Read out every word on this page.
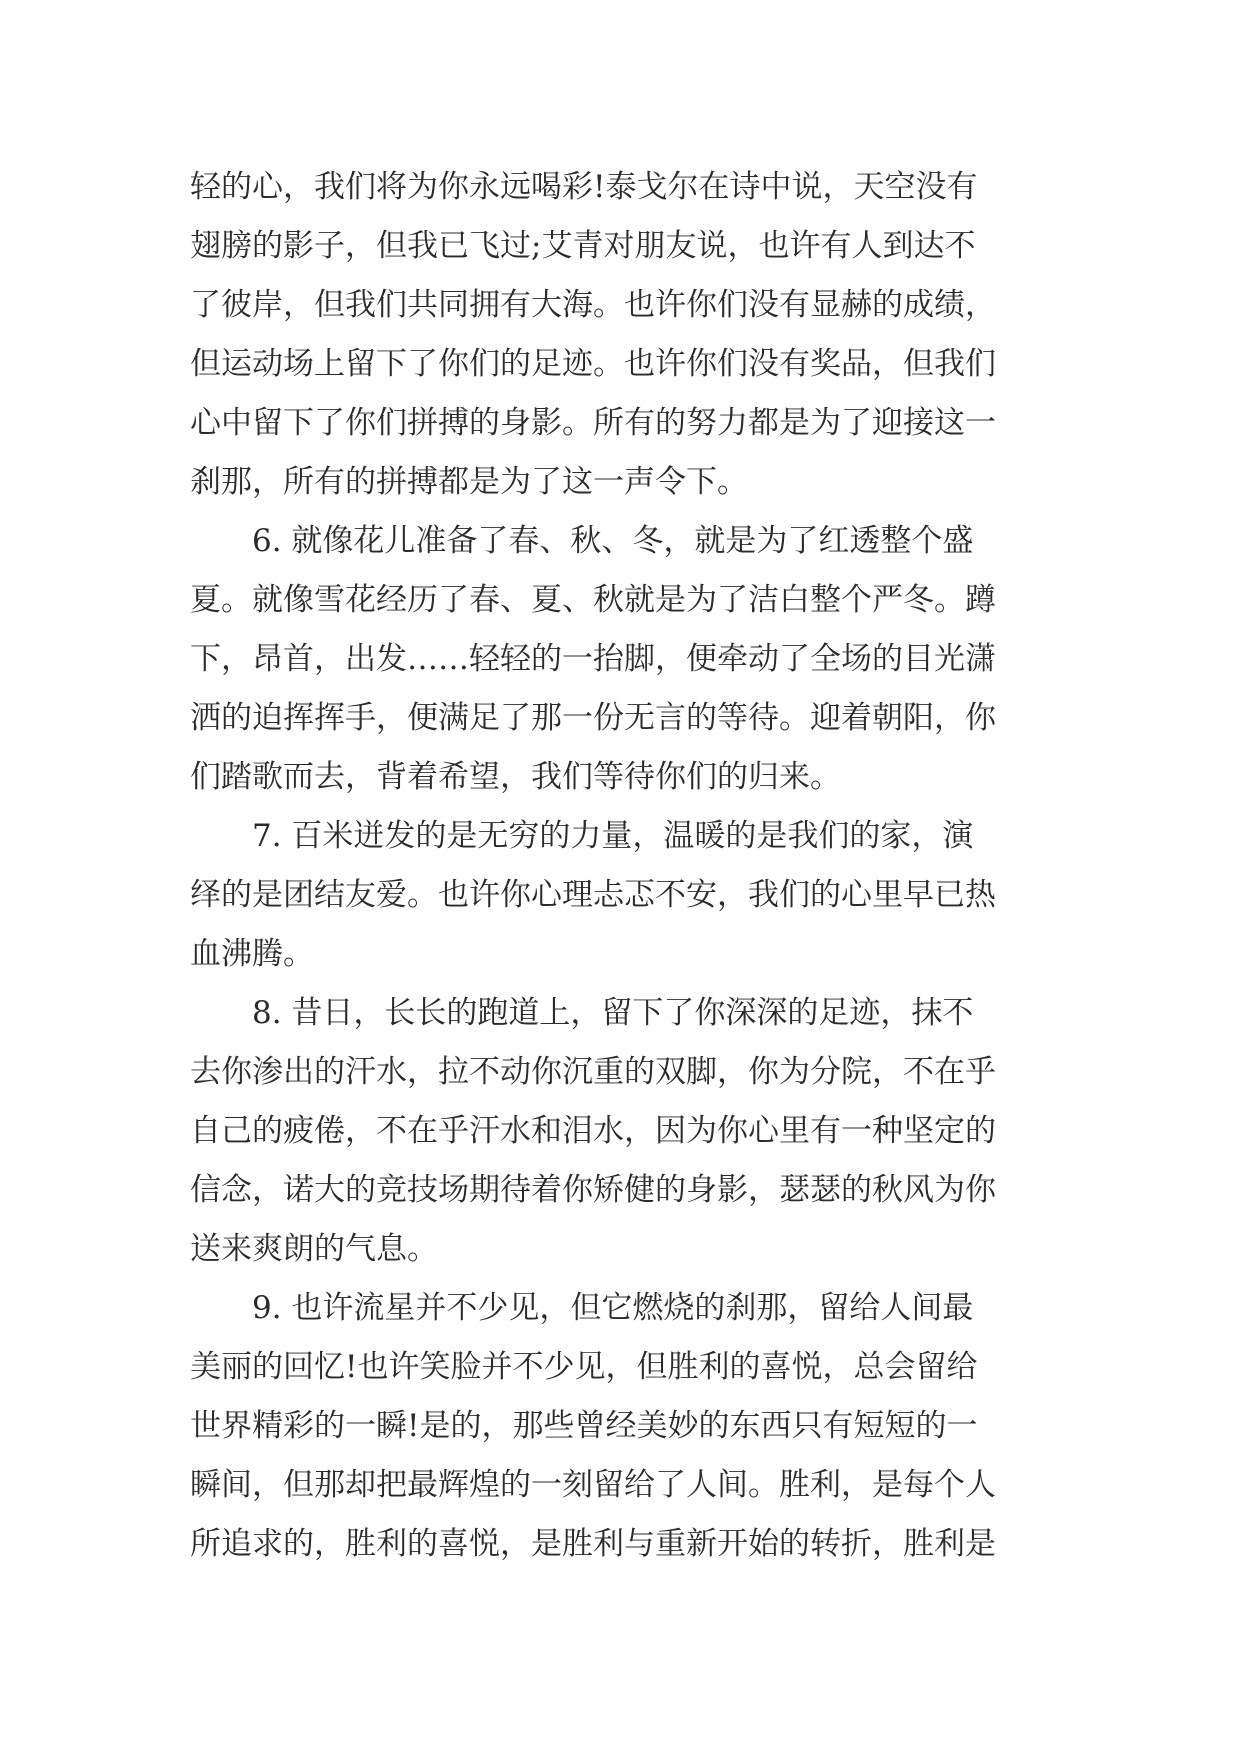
轻的心，我们将为你永远喝彩!泰戈尔在诗中说，天空没有
翅膀的影子，但我已飞过;艾青对朋友说，也许有人到达不
了彼岸，但我们共同拥有大海。也许你们没有显赫的成绩，
但运动场上留下了你们的足迹。也许你们没有奖品，但我们
心中留下了你们拼搏的身影。所有的努力都是为了迎接这一
刹那，所有的拼搏都是为了这一声令下。
6. 就像花儿准备了春、秋、冬，就是为了红透整个盛
夏。就像雪花经历了春、夏、秋就是为了洁白整个严冬。蹲
下，昂首，出发……轻轻的一抬脚，便牵动了全场的目光潇
洒的迫挥挥手，便满足了那一份无言的等待。迎着朝阳，你
们踏歌而去，背着希望，我们等待你们的归来。
7. 百米迸发的是无穷的力量，温暖的是我们的家，演
绎的是团结友爱。也许你心理忐忑不安，我们的心里早已热
血沸腾。
8. 昔日，长长的跑道上，留下了你深深的足迹，抹不
去你渗出的汗水，拉不动你沉重的双脚，你为分院，不在乎
自己的疲倦，不在乎汗水和泪水，因为你心里有一种坚定的
信念，诺大的竞技场期待着你矫健的身影，瑟瑟的秋风为你
送来爽朗的气息。
9. 也许流星并不少见，但它燃烧的刹那，留给人间最
美丽的回忆!也许笑脸并不少见，但胜利的喜悦，总会留给
世界精彩的一瞬!是的，那些曾经美妙的东西只有短短的一
瞬间，但那却把最辉煌的一刻留给了人间。胜利，是每个人
所追求的，胜利的喜悦，是胜利与重新开始的转折，胜利是
